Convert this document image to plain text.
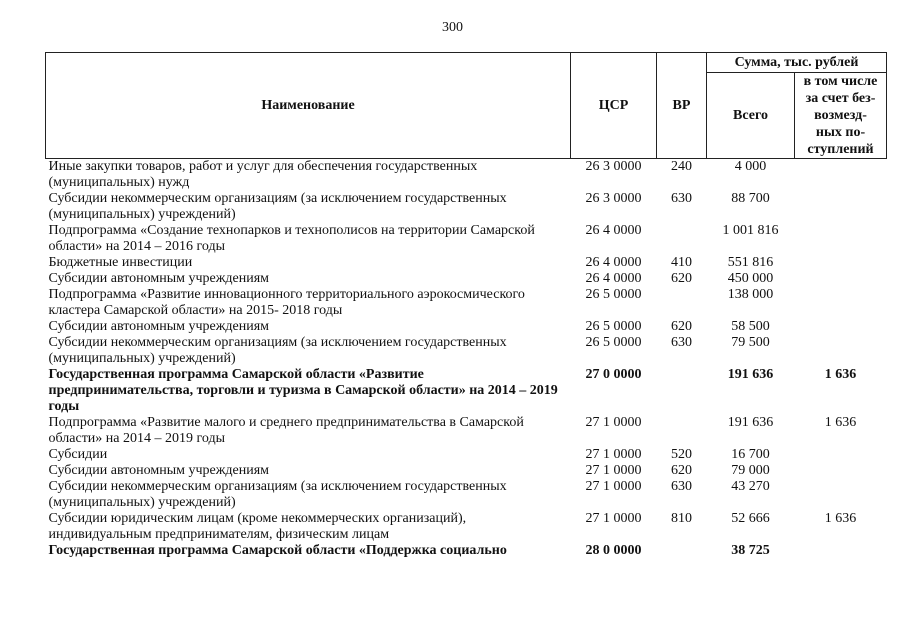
300
Наименование	ЦСР	ВР	Сумма, тыс. рублей	
			Всего	в том числе
за счет без-
возмезд-
ных по-
ступлений
Иные закупки товаров, работ и услуг для обеспечения государственных (муниципальных) нужд	26 3 0000	240	4 000	
Субсидии некоммерческим организациям (за исключением государственных (муниципальных) учреждений)	26 3 0000	630	88 700	
Подпрограмма «Создание технопарков и технополисов на территории Самарской области» на 2014 – 2016 годы	26 4 0000		1 001 816	
Бюджетные инвестиции	26 4 0000	410	551 816	
Субсидии автономным учреждениям	26 4 0000	620	450 000	
Подпрограмма «Развитие инновационного территориального аэрокосмического кластера Самарской области» на 2015- 2018 годы	26 5 0000		138 000	
Субсидии автономным учреждениям	26 5 0000	620	58 500	
Субсидии некоммерческим организациям (за исключением государственных (муниципальных) учреждений)	26 5 0000	630	79 500	
Государственная программа Самарской области «Развитие предпринимательства, торговли и туризма в Самарской области» на 2014 – 2019 годы	27 0 0000		191 636	1 636
Подпрограмма «Развитие малого и среднего предпринимательства в Самарской области» на 2014 – 2019 годы	27 1 0000		191 636	1 636
Субсидии	27 1 0000	520	16 700	
Субсидии автономным учреждениям	27 1 0000	620	79 000	
Субсидии некоммерческим организациям (за исключением государственных (муниципальных) учреждений)	27 1 0000	630	43 270	
Субсидии юридическим лицам (кроме некоммерческих организаций), индивидуальным предпринимателям, физическим лицам	27 1 0000	810	52 666	1 636
Государственная программа Самарской области «Поддержка социально	28 0 0000		38 725	
